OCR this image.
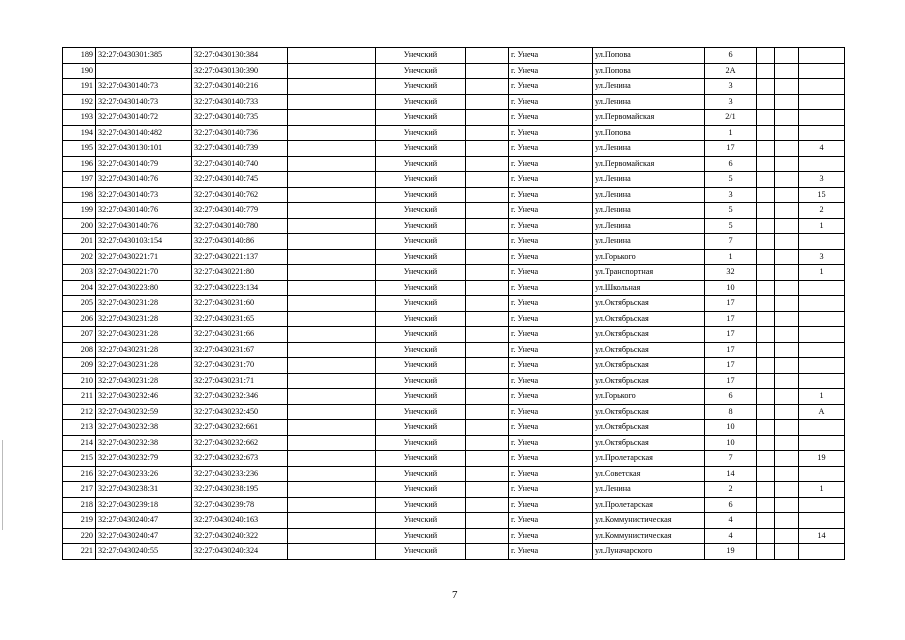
189	32:27:0430301:385	32:27:0430130:384		Унечский		г. Унеча	ул.Попова	6			
190		32:27:0430130:390		Унечский		г. Унеча	ул.Попова	2А			
191	32:27:0430140:73	32:27:0430140:216		Унечский		г. Унеча	ул.Ленина	3			
192	32:27:0430140:73	32:27:0430140:733		Унечский		г. Унеча	ул.Ленина	3			
193	32:27:0430140:72	32:27:0430140:735		Унечский		г. Унеча	ул.Первомайская	2/1			
194	32:27:0430140:482	32:27:0430140:736		Унечский		г. Унеча	ул.Попова	1			
195	32:27:0430130:101	32:27:0430140:739		Унечский		г. Унеча	ул.Ленина	17			4
196	32:27:0430140:79	32:27:0430140:740		Унечский		г. Унеча	ул.Первомайская	6			
197	32:27:0430140:76	32:27:0430140:745		Унечский		г. Унеча	ул.Ленина	5			3
198	32:27:0430140:73	32:27:0430140:762		Унечский		г. Унеча	ул.Ленина	3			15
199	32:27:0430140:76	32:27:0430140:779		Унечский		г. Унеча	ул.Ленина	5			2
200	32:27:0430140:76	32:27:0430140:780		Унечский		г. Унеча	ул.Ленина	5			1
201	32:27:0430103:154	32:27:0430140:86		Унечский		г. Унеча	ул.Ленина	7			
202	32:27:0430221:71	32:27:0430221:137		Унечский		г. Унеча	ул.Горького	1			3
203	32:27:0430221:70	32:27:0430221:80		Унечский		г. Унеча	ул.Транспортная	32			1
204	32:27:0430223:80	32:27:0430223:134		Унечский		г. Унеча	ул.Школьная	10			
205	32:27:0430231:28	32:27:0430231:60		Унечский		г. Унеча	ул.Октябрьская	17			
206	32:27:0430231:28	32:27:0430231:65		Унечский		г. Унеча	ул.Октябрьская	17			
207	32:27:0430231:28	32:27:0430231:66		Унечский		г. Унеча	ул.Октябрьская	17			
208	32:27:0430231:28	32:27:0430231:67		Унечский		г. Унеча	ул.Октябрьская	17			
209	32:27:0430231:28	32:27:0430231:70		Унечский		г. Унеча	ул.Октябрьская	17			
210	32:27:0430231:28	32:27:0430231:71		Унечский		г. Унеча	ул.Октябрьская	17			
211	32:27:0430232:46	32:27:0430232:346		Унечский		г. Унеча	ул.Горького	6			1
212	32:27:0430232:59	32:27:0430232:450		Унечский		г. Унеча	ул.Октябрьская	8			А
213	32:27:0430232:38	32:27:0430232:661		Унечский		г. Унеча	ул.Октябрьская	10			
214	32:27:0430232:38	32:27:0430232:662		Унечский		г. Унеча	ул.Октябрьская	10			
215	32:27:0430232:79	32:27:0430232:673		Унечский		г. Унеча	ул.Пролетарская	7			19
216	32:27:0430233:26	32:27:0430233:236		Унечский		г. Унеча	ул.Советская	14			
217	32:27:0430238:31	32:27:0430238:195		Унечский		г. Унеча	ул.Ленина	2			1
218	32:27:0430239:18	32:27:0430239:78		Унечский		г. Унеча	ул.Пролетарская	6			
219	32:27:0430240:47	32:27:0430240:163		Унечский		г. Унеча	ул.Коммунистическая	4			
220	32:27:0430240:47	32:27:0430240:322		Унечский		г. Унеча	ул.Коммунистическая	4			14
221	32:27:0430240:55	32:27:0430240:324		Унечский		г. Унеча	ул.Луначарского	19			
7
